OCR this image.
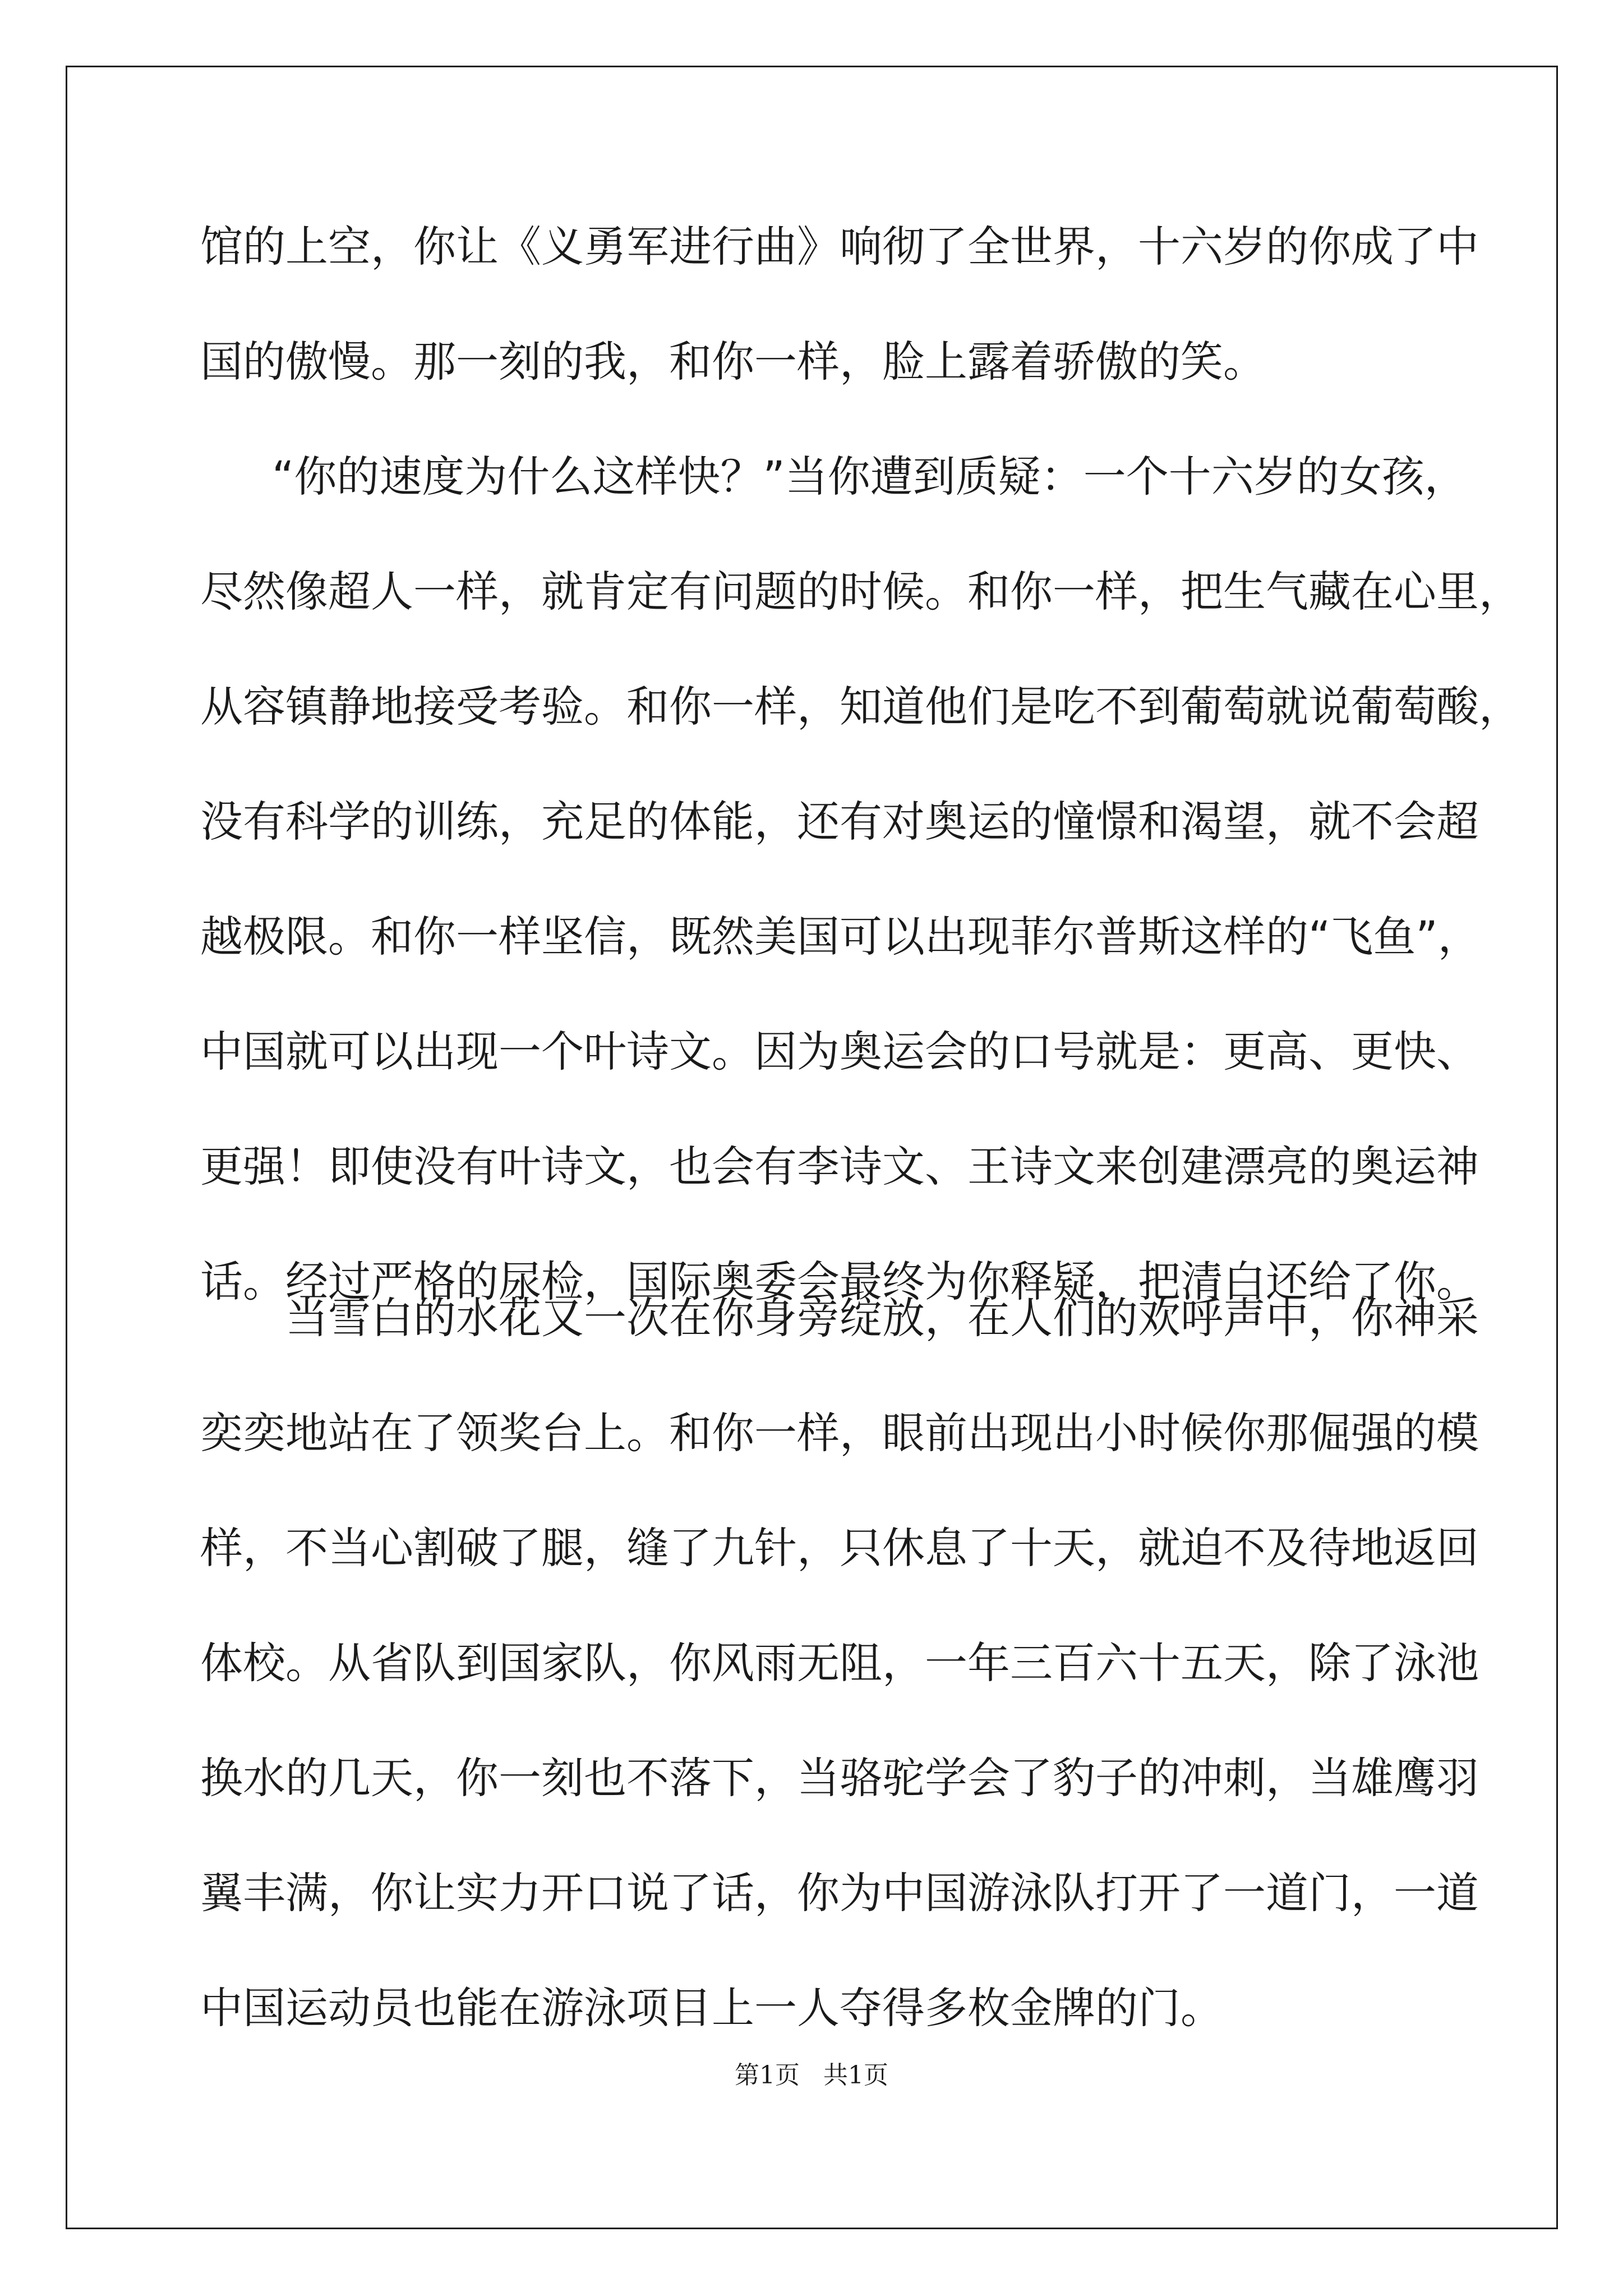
馆的上空，你让《义勇军进行曲》响彻了全世界，十六岁的你成了中

国的傲慢。那一刻的我，和你一样，脸上露着骄傲的笑。

“你的速度为什么这样快？”当你遭到质疑：一个十六岁的女孩，

尽然像超人一样，就肯定有问题的时候。和你一样，把生气藏在心里，

从容镇静地接受考验。和你一样，知道他们是吃不到葡萄就说葡萄酸，

没有科学的训练，充足的体能，还有对奥运的憧憬和渴望，就不会超

越极限。和你一样坚信，既然美国可以出现菲尔普斯这样的“飞鱼”，

中国就可以出现一个叶诗文。因为奥运会的口号就是：更高、更快、

更强！即使没有叶诗文，也会有李诗文、王诗文来创建漂亮的奥运神

话。经过严格的尿检，国际奥委会最终为你释疑，把清白还给了你。

当雪白的水花又一次在你身旁绽放，在人们的欢呼声中，你神采

奕奕地站在了领奖台上。和你一样，眼前出现出小时候你那倔强的模

样，不当心割破了腿，缝了九针，只休息了十天，就迫不及待地返回

体校。从省队到国家队，你风雨无阻，一年三百六十五天，除了泳池

换水的几天，你一刻也不落下，当骆驼学会了豹子的冲刺，当雄鹰羽

翼丰满，你让实力开口说了话，你为中国游泳队打开了一道门，一道

中国运动员也能在游泳项目上一人夺得多枚金牌的门。

第1页   共1页
